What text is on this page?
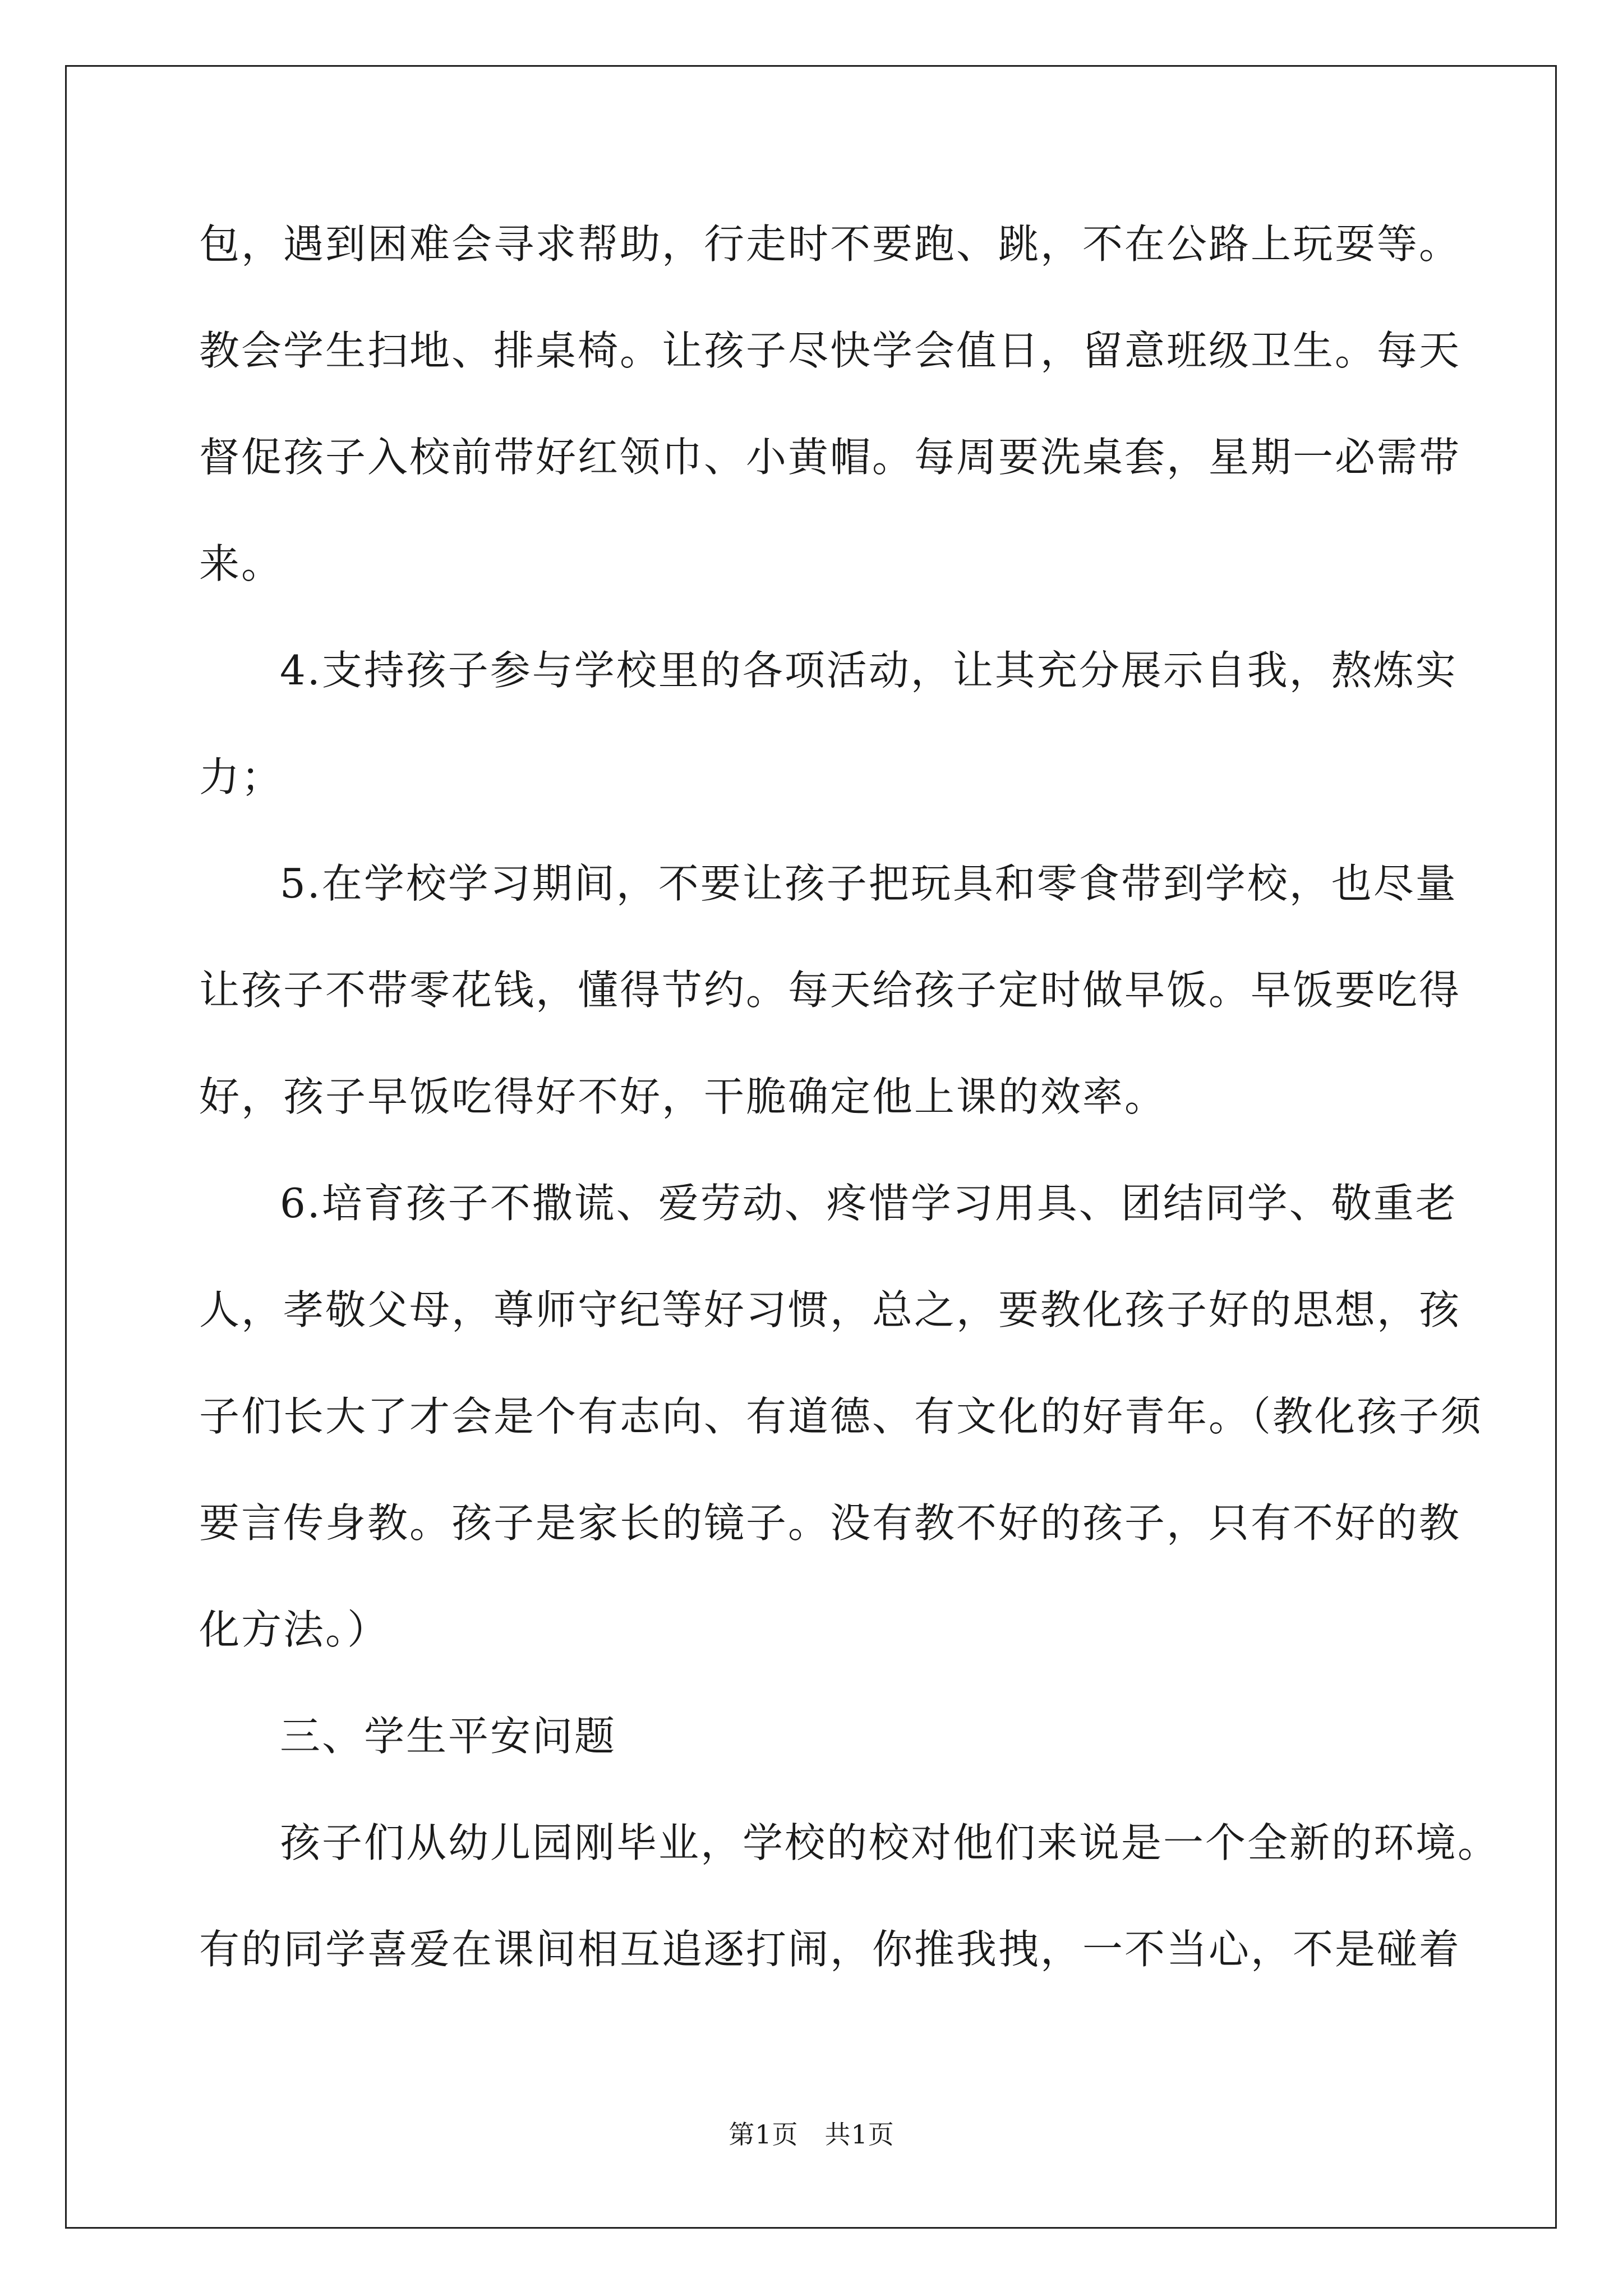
包，遇到困难会寻求帮助，行走时不要跑、跳，不在公路上玩耍等。
教会学生扫地、排桌椅。让孩子尽快学会值日，留意班级卫生。每天
督促孩子入校前带好红领巾、小黄帽。每周要洗桌套，星期一必需带
来。
4.支持孩子参与学校里的各项活动，让其充分展示自我，熬炼实
力；
5.在学校学习期间，不要让孩子把玩具和零食带到学校，也尽量
让孩子不带零花钱，懂得节约。每天给孩子定时做早饭。早饭要吃得
好，孩子早饭吃得好不好，干脆确定他上课的效率。
6.培育孩子不撒谎、爱劳动、疼惜学习用具、团结同学、敬重老
人，孝敬父母，尊师守纪等好习惯，总之，要教化孩子好的思想，孩
子们长大了才会是个有志向、有道德、有文化的好青年。（教化孩子须
要言传身教。孩子是家长的镜子。没有教不好的孩子，只有不好的教
化方法。）
三、学生平安问题
孩子们从幼儿园刚毕业，学校的校对他们来说是一个全新的环境。
有的同学喜爱在课间相互追逐打闹，你推我拽，一不当心，不是碰着
第1页　共1页
